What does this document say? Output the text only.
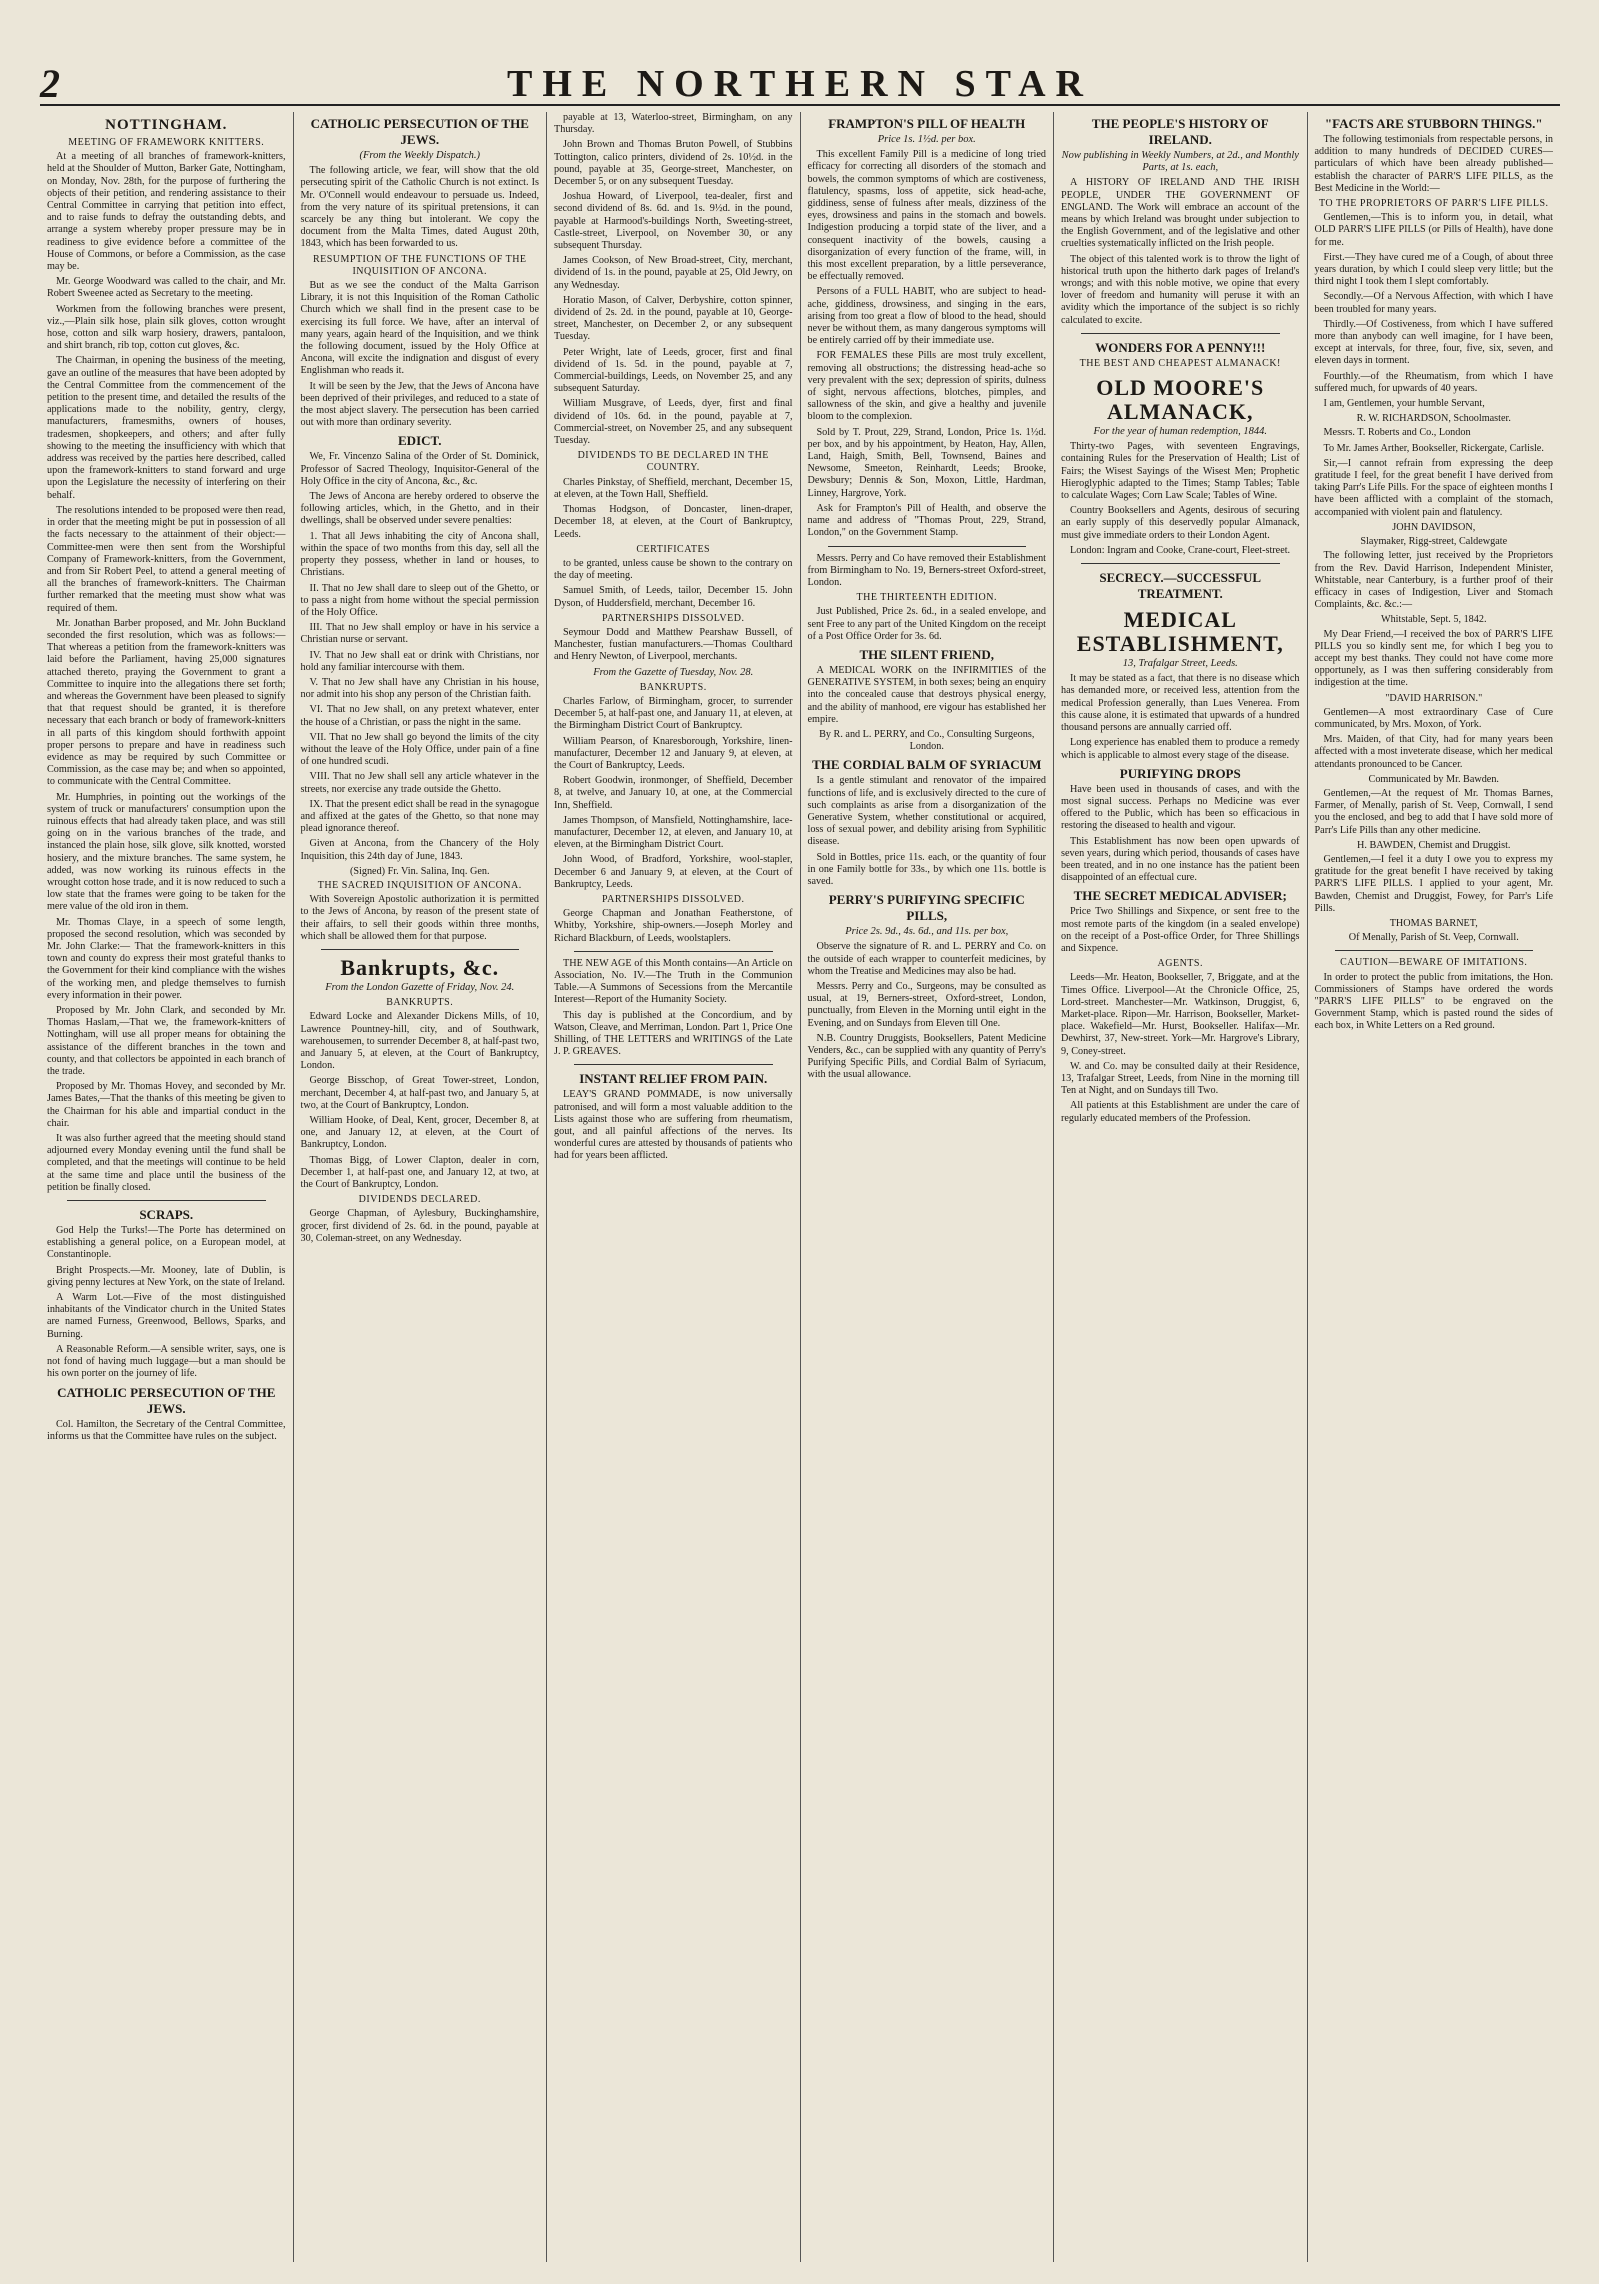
2	THE NORTHERN STAR
NOTTINGHAM.
MEETING OF FRAMEWORK KNITTERS.

At a meeting of all branches of framework-knitters, held at the Shoulder of Mutton, Barker Gate, Nottingham, on Monday, Nov. 28th, for the purpose of furthering the objects of their petition, and rendering assistance to their Central Committee in carrying that petition into effect, and to raise funds to defray the outstanding debts, and arrange a system whereby proper pressure may be in readiness to give evidence before a committee of the House of Commons, or before a Commission, as the case may be.

Mr. George Woodward was called to the chair, and Mr. Robert Sweenee acted as Secretary to the meeting.

Workmen from the following branches were present, viz.,—Plain silk hose, plain silk gloves, cotton wrought hose, cotton and silk warp hosiery, drawers, pantaloon, and shirt branch, rib top, cotton cut gloves, &c.

The Chairman, in opening the business of the meeting, gave an outline of the measures that have been adopted by the Central Committee from the commencement of the petition to the present time, and detailed the results of the applications made to the nobility, gentry, clergy, manufacturers, framesmiths, owners of houses, tradesmen, shopkeepers, and others; and after fully showing to the meeting the insufficiency with which that address was received by the parties here described, called upon the framework-knitters to stand forward and urge upon the Legislature the necessity of interfering on their behalf.

The resolutions intended to be proposed were then read, in order that the meeting might be put in possession of all the facts necessary to the attainment of their object:—Committee-men were then sent from the Worshipful Company of Framework-knitters, from the Government, and from Sir Robert Peel, to attend a general meeting of all the branches of framework-knitters. The Chairman further remarked that the meeting must show what was required of them.

Mr. Jonathan Barber proposed, and Mr. John Buckland seconded the first resolution, which was as follows:— That whereas a petition from the framework-knitters was laid before the Parliament, having 25,000 signatures attached thereto, praying the Government to grant a Committee to inquire into the allegations there set forth; and whereas the Government have been pleased to signify that that request should be granted, it is therefore necessary that each branch or body of framework-knitters in all parts of this kingdom should forthwith appoint proper persons to prepare and have in readiness such evidence as may be required by such Committee or Commission, as the case may be; and when so appointed, to communicate with the Central Committee.

Mr. Humphries, in pointing out the workings of the system of truck or manufacturers' consumption upon the ruinous effects that had already taken place, and was still going on in the various branches of the trade, and instanced the plain hose, silk glove, silk knotted, worsted hosiery, and the mixture branches. The same system, he added, was now working its ruinous effects in the wrought cotton hose trade, and it is now reduced to such a low state that the frames were going to be taken for the mere value of the old iron in them.

Mr. Thomas Claye, in a speech of some length, proposed the second resolution, which was seconded by Mr. John Clarke:— That the framework-knitters in this town and county do express their most grateful thanks to the Government for their kind compliance with the wishes of the working men, and pledge themselves to furnish every information in their power.

Proposed by Mr. John Clark, and seconded by Mr. Thomas Haslam,—That we, the framework-knitters of Nottingham, will use all proper means for obtaining the assistance of the different branches in the town and county, and that collectors be appointed in each branch of the trade.

Proposed by Mr. Thomas Hovey, and seconded by Mr. James Bates,—That the thanks of this meeting be given to the Chairman for his able and impartial conduct in the chair.

It was also further agreed that the meeting should stand adjourned every Monday evening until the fund shall be completed, and that the meetings will continue to be held at the same time and place until the business of the petition be finally closed.

SCRAPS.

God Help the Turks!—The Porte has determined on establishing a general police, on a European model, at Constantinople.

Bright Prospects.—Mr. Mooney, late of Dublin, is giving penny lectures at New York, on the state of Ireland.

A Warm Lot.—Five of the most distinguished inhabitants of the Vindicator church in the United States are named Furness, Greenwood, Bellows, Sparks, and Burning.

A Reasonable Reform.—A sensible writer, says, one is not fond of having much luggage—but a man should be his own porter on the journey of life.

CATHOLIC PERSECUTION OF THE JEWS.

Col. Hamilton, the Secretary of the Central Committee, informs us that the Committee have rules on the subject.

CATHOLIC PERSECUTION OF THE JEWS.
(From the Weekly Dispatch.)

The following article, we fear, will show that the old persecuting spirit of the Catholic Church is not extinct. Is Mr. O'Connell would endeavour to persuade us. Indeed, from the very nature of its spiritual pretensions, it can scarcely be any thing but intolerant. We copy the document from the Malta Times, dated August 20th, 1843, which has been forwarded to us.

RESUMPTION OF THE FUNCTIONS OF THE INQUISITION OF ANCONA.

But as we see the conduct of the Malta Garrison Library, it is not this Inquisition of the Roman Catholic Church which we shall find in the present case to be exercising its full force. We have, after an interval of many years, again heard of the Inquisition, and we think the following document, issued by the Holy Office at Ancona, will excite the indignation and disgust of every Englishman who reads it.

It will be seen by the Jew, that the Jews of Ancona have been deprived of their privileges, and reduced to a state of the most abject slavery. The persecution has been carried out with more than ordinary severity.

EDICT.

We, Fr. Vincenzo Salina of the Order of St. Dominick, Professor of Sacred Theology, Inquisitor-General of the Holy Office in the city of Ancona, &c., &c.

The Jews of Ancona are hereby ordered to observe the following articles, which, in the Ghetto, and in their dwellings, shall be observed under severe penalties:

1. That all Jews inhabiting the city of Ancona shall, within the space of two months from this day, sell all the property they possess, whether in land or houses, to Christians.

II. That no Jew shall dare to sleep out of the Ghetto, or to pass a night from home without the special permission of the Holy Office.

III. That no Jew shall employ or have in his service a Christian nurse or servant.

IV. That no Jew shall eat or drink with Christians, nor hold any familiar intercourse with them.

V. That no Jew shall have any Christian in his house, nor admit into his shop any person of the Christian faith.

VI. That no Jew shall, on any pretext whatever, enter the house of a Christian, or pass the night in the same.

VII. That no Jew shall go beyond the limits of the city without the leave of the Holy Office, under pain of a fine of one hundred scudi.

VIII. That no Jew shall sell any article whatever in the streets, nor exercise any trade outside the Ghetto.

IX. That the present edict shall be read in the synagogue and affixed at the gates of the Ghetto, so that none may plead ignorance thereof.

Given at Ancona, from the Chancery of the Holy Inquisition, this 24th day of June, 1843.

(Signed) Fr. Vin. Salina, Inq. Gen.
THE SACRED INQUISITION OF ANCONA.

With Sovereign Apostolic authorization it is permitted to the Jews of Ancona, by reason of the present state of their affairs, to sell their goods within three months, which shall be allowed them for that purpose.

Bankrupts, &c.
From the London Gazette of Friday, Nov. 24.
BANKRUPTS.

Edward Locke and Alexander Dickens Mills, of 10, Lawrence Pountney-hill, city, and of Southwark, warehousemen, to surrender December 8, at half-past two, and January 5, at eleven, at the Court of Bankruptcy, London.

George Bisschop, of Great Tower-street, London, merchant, December 4, at half-past two, and January 5, at two, at the Court of Bankruptcy, London.

William Hooke, of Deal, Kent, grocer, December 8, at one, and January 12, at eleven, at the Court of Bankruptcy, London.

Thomas Bigg, of Lower Clapton, dealer in corn, December 1, at half-past one, and January 12, at two, at the Court of Bankruptcy, London.

DIVIDENDS DECLARED.

George Chapman, of Aylesbury, Buckinghamshire, grocer, first dividend of 2s. 6d. in the pound, payable at 30, Coleman-street, on any Wednesday.

payable at 13, Waterloo-street, Birmingham, on any Thursday.

John Brown and Thomas Bruton Powell, of Stubbins Tottington, calico printers, dividend of 2s. 10½d. in the pound, payable at 35, George-street, Manchester, on December 5, or on any subsequent Tuesday.

Joshua Howard, of Liverpool, tea-dealer, first and second dividend of 8s. 6d. and 1s. 9½d. in the pound, payable at Harmood's-buildings North, Sweeting-street, Castle-street, Liverpool, on November 30, or any subsequent Thursday.

James Cookson, of New Broad-street, City, merchant, dividend of 1s. in the pound, payable at 25, Old Jewry, on any Wednesday.

Horatio Mason, of Calver, Derbyshire, cotton spinner, dividend of 2s. 2d. in the pound, payable at 10, George-street, Manchester, on December 2, or any subsequent Tuesday.

Peter Wright, late of Leeds, grocer, first and final dividend of 1s. 5d. in the pound, payable at 7, Commercial-buildings, Leeds, on November 25, and any subsequent Saturday.

William Musgrave, of Leeds, dyer, first and final dividend of 10s. 6d. in the pound, payable at 7, Commercial-street, on November 25, and any subsequent Tuesday.

DIVIDENDS TO BE DECLARED IN THE COUNTRY.

Charles Pinkstay, of Sheffield, merchant, December 15, at eleven, at the Town Hall, Sheffield.

Thomas Hodgson, of Doncaster, linen-draper, December 18, at eleven, at the Court of Bankruptcy, Leeds.

CERTIFICATES

to be granted, unless cause be shown to the contrary on the day of meeting.

Samuel Smith, of Leeds, tailor, December 15. John Dyson, of Huddersfield, merchant, December 16.

PARTNERSHIPS DISSOLVED.

Seymour Dodd and Matthew Pearshaw Bussell, of Manchester, fustian manufacturers.—Thomas Coulthard and Henry Newton, of Liverpool, merchants.

From the Gazette of Tuesday, Nov. 28.
BANKRUPTS.

Charles Farlow, of Birmingham, grocer, to surrender December 5, at half-past one, and January 11, at eleven, at the Birmingham District Court of Bankruptcy.

William Pearson, of Knaresborough, Yorkshire, linen-manufacturer, December 12 and January 9, at eleven, at the Court of Bankruptcy, Leeds.

Robert Goodwin, ironmonger, of Sheffield, December 8, at twelve, and January 10, at one, at the Commercial Inn, Sheffield.

James Thompson, of Mansfield, Nottinghamshire, lace-manufacturer, December 12, at eleven, and January 10, at eleven, at the Birmingham District Court.

John Wood, of Bradford, Yorkshire, wool-stapler, December 6 and January 9, at eleven, at the Court of Bankruptcy, Leeds.

PARTNERSHIPS DISSOLVED.

George Chapman and Jonathan Featherstone, of Whitby, Yorkshire, ship-owners.—Joseph Morley and Richard Blackburn, of Leeds, woolstaplers.

THE NEW AGE of this Month contains—An Article on Association, No. IV.—The Truth in the Communion Table.—A Summons of Secessions from the Mercantile Interest—Report of the Humanity Society.

This day is published at the Concordium, and by Watson, Cleave, and Merriman, London. Part 1, Price One Shilling, of THE LETTERS and WRITINGS of the Late J. P. GREAVES.

INSTANT RELIEF FROM PAIN.

LEAY'S GRAND POMMADE, is now universally patronised, and will form a most valuable addition to the Lists against those who are suffering from rheumatism, gout, and all painful affections of the nerves. Its wonderful cures are attested by thousands of patients who had for years been afflicted.

FRAMPTON'S PILL OF HEALTH
Price 1s. 1½d. per box.

This excellent Family Pill is a medicine of long tried efficacy for correcting all disorders of the stomach and bowels, the common symptoms of which are costiveness, flatulency, spasms, loss of appetite, sick head-ache, giddiness, sense of fulness after meals, dizziness of the eyes, drowsiness and pains in the stomach and bowels. Indigestion producing a torpid state of the liver, and a consequent inactivity of the bowels, causing a disorganization of every function of the frame, will, in this most excellent preparation, by a little perseverance, be effectually removed.

Persons of a FULL HABIT, who are subject to head-ache, giddiness, drowsiness, and singing in the ears, arising from too great a flow of blood to the head, should never be without them, as many dangerous symptoms will be entirely carried off by their immediate use.

FOR FEMALES these Pills are most truly excellent, removing all obstructions; the distressing head-ache so very prevalent with the sex; depression of spirits, dulness of sight, nervous affections, blotches, pimples, and sallowness of the skin, and give a healthy and juvenile bloom to the complexion.

Sold by T. Prout, 229, Strand, London, Price 1s. 1½d. per box, and by his appointment, by Heaton, Hay, Allen, Land, Haigh, Smith, Bell, Townsend, Baines and Newsome, Smeeton, Reinhardt, Leeds; Brooke, Dewsbury; Dennis & Son, Moxon, Little, Hardman, Linney, Hargrove, York.

Ask for Frampton's Pill of Health, and observe the name and address of "Thomas Prout, 229, Strand, London," on the Government Stamp.

Messrs. Perry and Co have removed their Establishment from Birmingham to No. 19, Berners-street Oxford-street, London.

THE THIRTEENTH EDITION.

Just Published, Price 2s. 6d., in a sealed envelope, and sent Free to any part of the United Kingdom on the receipt of a Post Office Order for 3s. 6d.

THE SILENT FRIEND,

A MEDICAL WORK on the INFIRMITIES of the GENERATIVE SYSTEM, in both sexes; being an enquiry into the concealed cause that destroys physical energy, and the ability of manhood, ere vigour has established her empire.

By R. and L. PERRY, and Co., Consulting Surgeons, London.
THE CORDIAL BALM OF SYRIACUM

Is a gentle stimulant and renovator of the impaired functions of life, and is exclusively directed to the cure of such complaints as arise from a disorganization of the Generative System, whether constitutional or acquired, loss of sexual power, and debility arising from Syphilitic disease.

Sold in Bottles, price 11s. each, or the quantity of four in one Family bottle for 33s., by which one 11s. bottle is saved.

PERRY'S PURIFYING SPECIFIC PILLS,
Price 2s. 9d., 4s. 6d., and 11s. per box,

Observe the signature of R. and L. PERRY and Co. on the outside of each wrapper to counterfeit medicines, by whom the Treatise and Medicines may also be had.

Messrs. Perry and Co., Surgeons, may be consulted as usual, at 19, Berners-street, Oxford-street, London, punctually, from Eleven in the Morning until eight in the Evening, and on Sundays from Eleven till One.

N.B. Country Druggists, Booksellers, Patent Medicine Venders, &c., can be supplied with any quantity of Perry's Purifying Specific Pills, and Cordial Balm of Syriacum, with the usual allowance.

THE PEOPLE'S HISTORY OF IRELAND.
Now publishing in Weekly Numbers, at 2d., and Monthly Parts, at 1s. each,

A HISTORY OF IRELAND AND THE IRISH PEOPLE, UNDER THE GOVERNMENT OF ENGLAND. The Work will embrace an account of the means by which Ireland was brought under subjection to the English Government, and of the legislative and other cruelties systematically inflicted on the Irish people.

The object of this talented work is to throw the light of historical truth upon the hitherto dark pages of Ireland's wrongs; and with this noble motive, we opine that every lover of freedom and humanity will peruse it with an avidity which the importance of the subject is so richly calculated to excite.

WONDERS FOR A PENNY!!!
THE BEST AND CHEAPEST ALMANACK!
OLD MOORE'S ALMANACK,
For the year of human redemption, 1844.

Thirty-two Pages, with seventeen Engravings, containing Rules for the Preservation of Health; List of Fairs; the Wisest Sayings of the Wisest Men; Prophetic Hieroglyphic adapted to the Times; Stamp Tables; Table to calculate Wages; Corn Law Scale; Tables of Wine.

Country Booksellers and Agents, desirous of securing an early supply of this deservedly popular Almanack, must give immediate orders to their London Agent.

London: Ingram and Cooke, Crane-court, Fleet-street.

SECRECY.—SUCCESSFUL TREATMENT.
MEDICAL ESTABLISHMENT,
13, Trafalgar Street, Leeds.

It may be stated as a fact, that there is no disease which has demanded more, or received less, attention from the medical Profession generally, than Lues Venerea. From this cause alone, it is estimated that upwards of a hundred thousand persons are annually carried off.

Long experience has enabled them to produce a remedy which is applicable to almost every stage of the disease.

PURIFYING DROPS

Have been used in thousands of cases, and with the most signal success. Perhaps no Medicine was ever offered to the Public, which has been so efficacious in restoring the diseased to health and vigour.

This Establishment has now been open upwards of seven years, during which period, thousands of cases have been treated, and in no one instance has the patient been disappointed of an effectual cure.

THE SECRET MEDICAL ADVISER;

Price Two Shillings and Sixpence, or sent free to the most remote parts of the kingdom (in a sealed envelope) on the receipt of a Post-office Order, for Three Shillings and Sixpence.

AGENTS.

Leeds—Mr. Heaton, Bookseller, 7, Briggate, and at the Times Office. Liverpool—At the Chronicle Office, 25, Lord-street. Manchester—Mr. Watkinson, Druggist, 6, Market-place. Ripon—Mr. Harrison, Bookseller, Market-place. Wakefield—Mr. Hurst, Bookseller. Halifax—Mr. Dewhirst, 37, New-street. York—Mr. Hargrove's Library, 9, Coney-street.

W. and Co. may be consulted daily at their Residence, 13, Trafalgar Street, Leeds, from Nine in the morning till Ten at Night, and on Sundays till Two.

All patients at this Establishment are under the care of regularly educated members of the Profession.

"FACTS ARE STUBBORN THINGS."

The following testimonials from respectable persons, in addition to many hundreds of DECIDED CURES—particulars of which have been already published—establish the character of PARR'S LIFE PILLS, as the Best Medicine in the World:—

TO THE PROPRIETORS OF PARR'S LIFE PILLS.

Gentlemen,—This is to inform you, in detail, what OLD PARR'S LIFE PILLS (or Pills of Health), have done for me.

First.—They have cured me of a Cough, of about three years duration, by which I could sleep very little; but the third night I took them I slept comfortably.

Secondly.—Of a Nervous Affection, with which I have been troubled for many years.

Thirdly.—Of Costiveness, from which I have suffered more than anybody can well imagine, for I have been, except at intervals, for three, four, five, six, seven, and eleven days in torment.

Fourthly.—of the Rheumatism, from which I have suffered much, for upwards of 40 years.

I am, Gentlemen, your humble Servant,

R. W. RICHARDSON, Schoolmaster.

Messrs. T. Roberts and Co., London

To Mr. James Arther, Bookseller, Rickergate, Carlisle.

Sir,—I cannot refrain from expressing the deep gratitude I feel, for the great benefit I have derived from taking Parr's Life Pills. For the space of eighteen months I have been afflicted with a complaint of the stomach, accompanied with violent pain and flatulency.

JOHN DAVIDSON,
Slaymaker, Rigg-street, Caldewgate

The following letter, just received by the Proprietors from the Rev. David Harrison, Independent Minister, Whitstable, near Canterbury, is a further proof of their efficacy in cases of Indigestion, Liver and Stomach Complaints, &c. &c.:—

Whitstable, Sept. 5, 1842.

My Dear Friend,—I received the box of PARR'S LIFE PILLS you so kindly sent me, for which I beg you to accept my best thanks. They could not have come more opportunely, as I was then suffering considerably from indigestion at the time.

"DAVID HARRISON."

Gentlemen—A most extraordinary Case of Cure communicated, by Mrs. Moxon, of York.

Mrs. Maiden, of that City, had for many years been affected with a most inveterate disease, which her medical attendants pronounced to be Cancer.

Communicated by Mr. Bawden.

Gentlemen,—At the request of Mr. Thomas Barnes, Farmer, of Menally, parish of St. Veep, Cornwall, I send you the enclosed, and beg to add that I have sold more of Parr's Life Pills than any other medicine.

H. BAWDEN, Chemist and Druggist.

Gentlemen,—I feel it a duty I owe you to express my gratitude for the great benefit I have received by taking PARR'S LIFE PILLS. I applied to your agent, Mr. Bawden, Chemist and Druggist, Fowey, for Parr's Life Pills.

THOMAS BARNET,
Of Menally, Parish of St. Veep, Cornwall.
CAUTION—BEWARE OF IMITATIONS.

In order to protect the public from imitations, the Hon. Commissioners of Stamps have ordered the words "PARR'S LIFE PILLS" to be engraved on the Government Stamp, which is pasted round the sides of each box, in White Letters on a Red ground.
